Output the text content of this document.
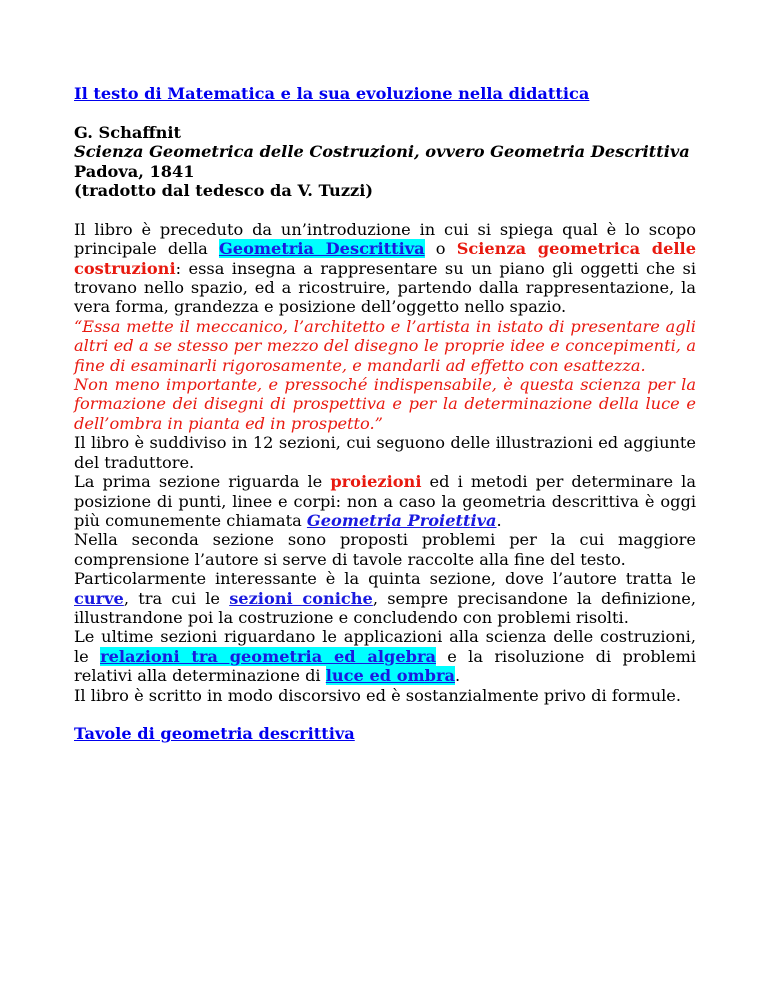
Il testo di Matematica e la sua evoluzione nella didattica

G. Schaffnit

Scienza Geometrica delle Costruzioni, ovvero Geometria Descrittiva

Padova, 1841

(tradotto dal tedesco da V. Tuzzi)

Il libro è preceduto da un’introduzione in cui si spiega qual è lo scopo principale della Geometria Descrittiva o Scienza geometrica delle costruzioni: essa insegna a rappresentare su un piano gli oggetti che si trovano nello spazio, ed a ricostruire, partendo dalla rappresentazione, la vera forma, grandezza e posizione dell’oggetto nello spazio.

“Essa mette il meccanico, l’architetto e l’artista in istato di presentare agli altri ed a se stesso per mezzo del disegno le proprie idee e concepimenti, a fine di esaminarli rigorosamente, e mandarli ad effetto con esattezza.

Non meno importante, e pressoché indispensabile, è questa scienza per la formazione dei disegni di prospettiva e per la determinazione della luce e dell’ombra in pianta ed in prospetto.”

Il libro è suddiviso in 12 sezioni, cui seguono delle illustrazioni ed aggiunte del traduttore.

La prima sezione riguarda le proiezioni ed i metodi per determinare la posizione di punti, linee e corpi: non a caso la geometria descrittiva è oggi più comunemente chiamata Geometria Proiettiva.

Nella seconda sezione sono proposti problemi per la cui maggiore comprensione l’autore si serve di tavole raccolte alla fine del testo.

Particolarmente interessante è la quinta sezione, dove l’autore tratta le curve, tra cui le sezioni coniche, sempre precisandone la definizione, illustrandone poi la costruzione e concludendo con problemi risolti.

Le ultime sezioni riguardano le applicazioni alla scienza delle costruzioni, le relazioni tra geometria ed algebra e la risoluzione di problemi relativi alla determinazione di luce ed ombra.

Il libro è scritto in modo discorsivo ed è sostanzialmente privo di formule.

Tavole di geometria descrittiva
